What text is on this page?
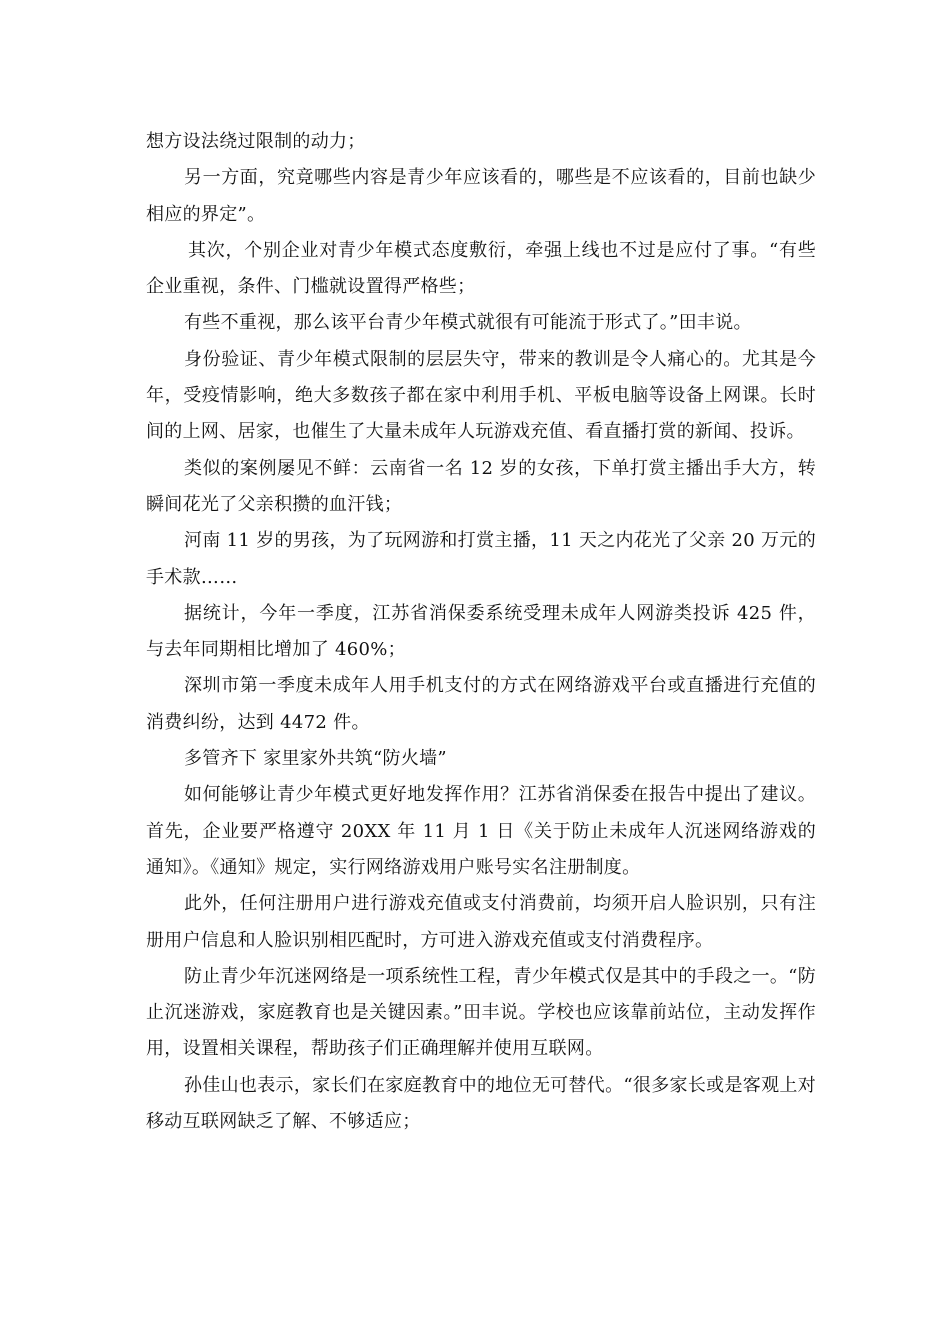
想方设法绕过限制的动力；

另一方面，究竟哪些内容是青少年应该看的，哪些是不应该看的，目前也缺少相应的界定”。

其次，个别企业对青少年模式态度敷衍，牵强上线也不过是应付了事。“有些企业重视，条件、门槛就设置得严格些；

有些不重视，那么该平台青少年模式就很有可能流于形式了。”田丰说。

身份验证、青少年模式限制的层层失守，带来的教训是令人痛心的。尤其是今年，受疫情影响，绝大多数孩子都在家中利用手机、平板电脑等设备上网课。长时间的上网、居家，也催生了大量未成年人玩游戏充值、看直播打赏的新闻、投诉。

类似的案例屡见不鲜：云南省一名 12 岁的女孩，下单打赏主播出手大方，转瞬间花光了父亲积攒的血汗钱；

河南 11 岁的男孩，为了玩网游和打赏主播，11 天之内花光了父亲 20 万元的手术款……

据统计，今年一季度，江苏省消保委系统受理未成年人网游类投诉 425 件，与去年同期相比增加了 460%；

深圳市第一季度未成年人用手机支付的方式在网络游戏平台或直播进行充值的消费纠纷，达到 4472 件。

多管齐下 家里家外共筑“防火墙”

如何能够让青少年模式更好地发挥作用？江苏省消保委在报告中提出了建议。首先，企业要严格遵守 20XX 年 11 月 1 日《关于防止未成年人沉迷网络游戏的通知》。《通知》规定，实行网络游戏用户账号实名注册制度。

此外，任何注册用户进行游戏充值或支付消费前，均须开启人脸识别，只有注册用户信息和人脸识别相匹配时，方可进入游戏充值或支付消费程序。

防止青少年沉迷网络是一项系统性工程，青少年模式仅是其中的手段之一。“防止沉迷游戏，家庭教育也是关键因素。”田丰说。学校也应该靠前站位，主动发挥作用，设置相关课程，帮助孩子们正确理解并使用互联网。

孙佳山也表示，家长们在家庭教育中的地位无可替代。“很多家长或是客观上对移动互联网缺乏了解、不够适应；
